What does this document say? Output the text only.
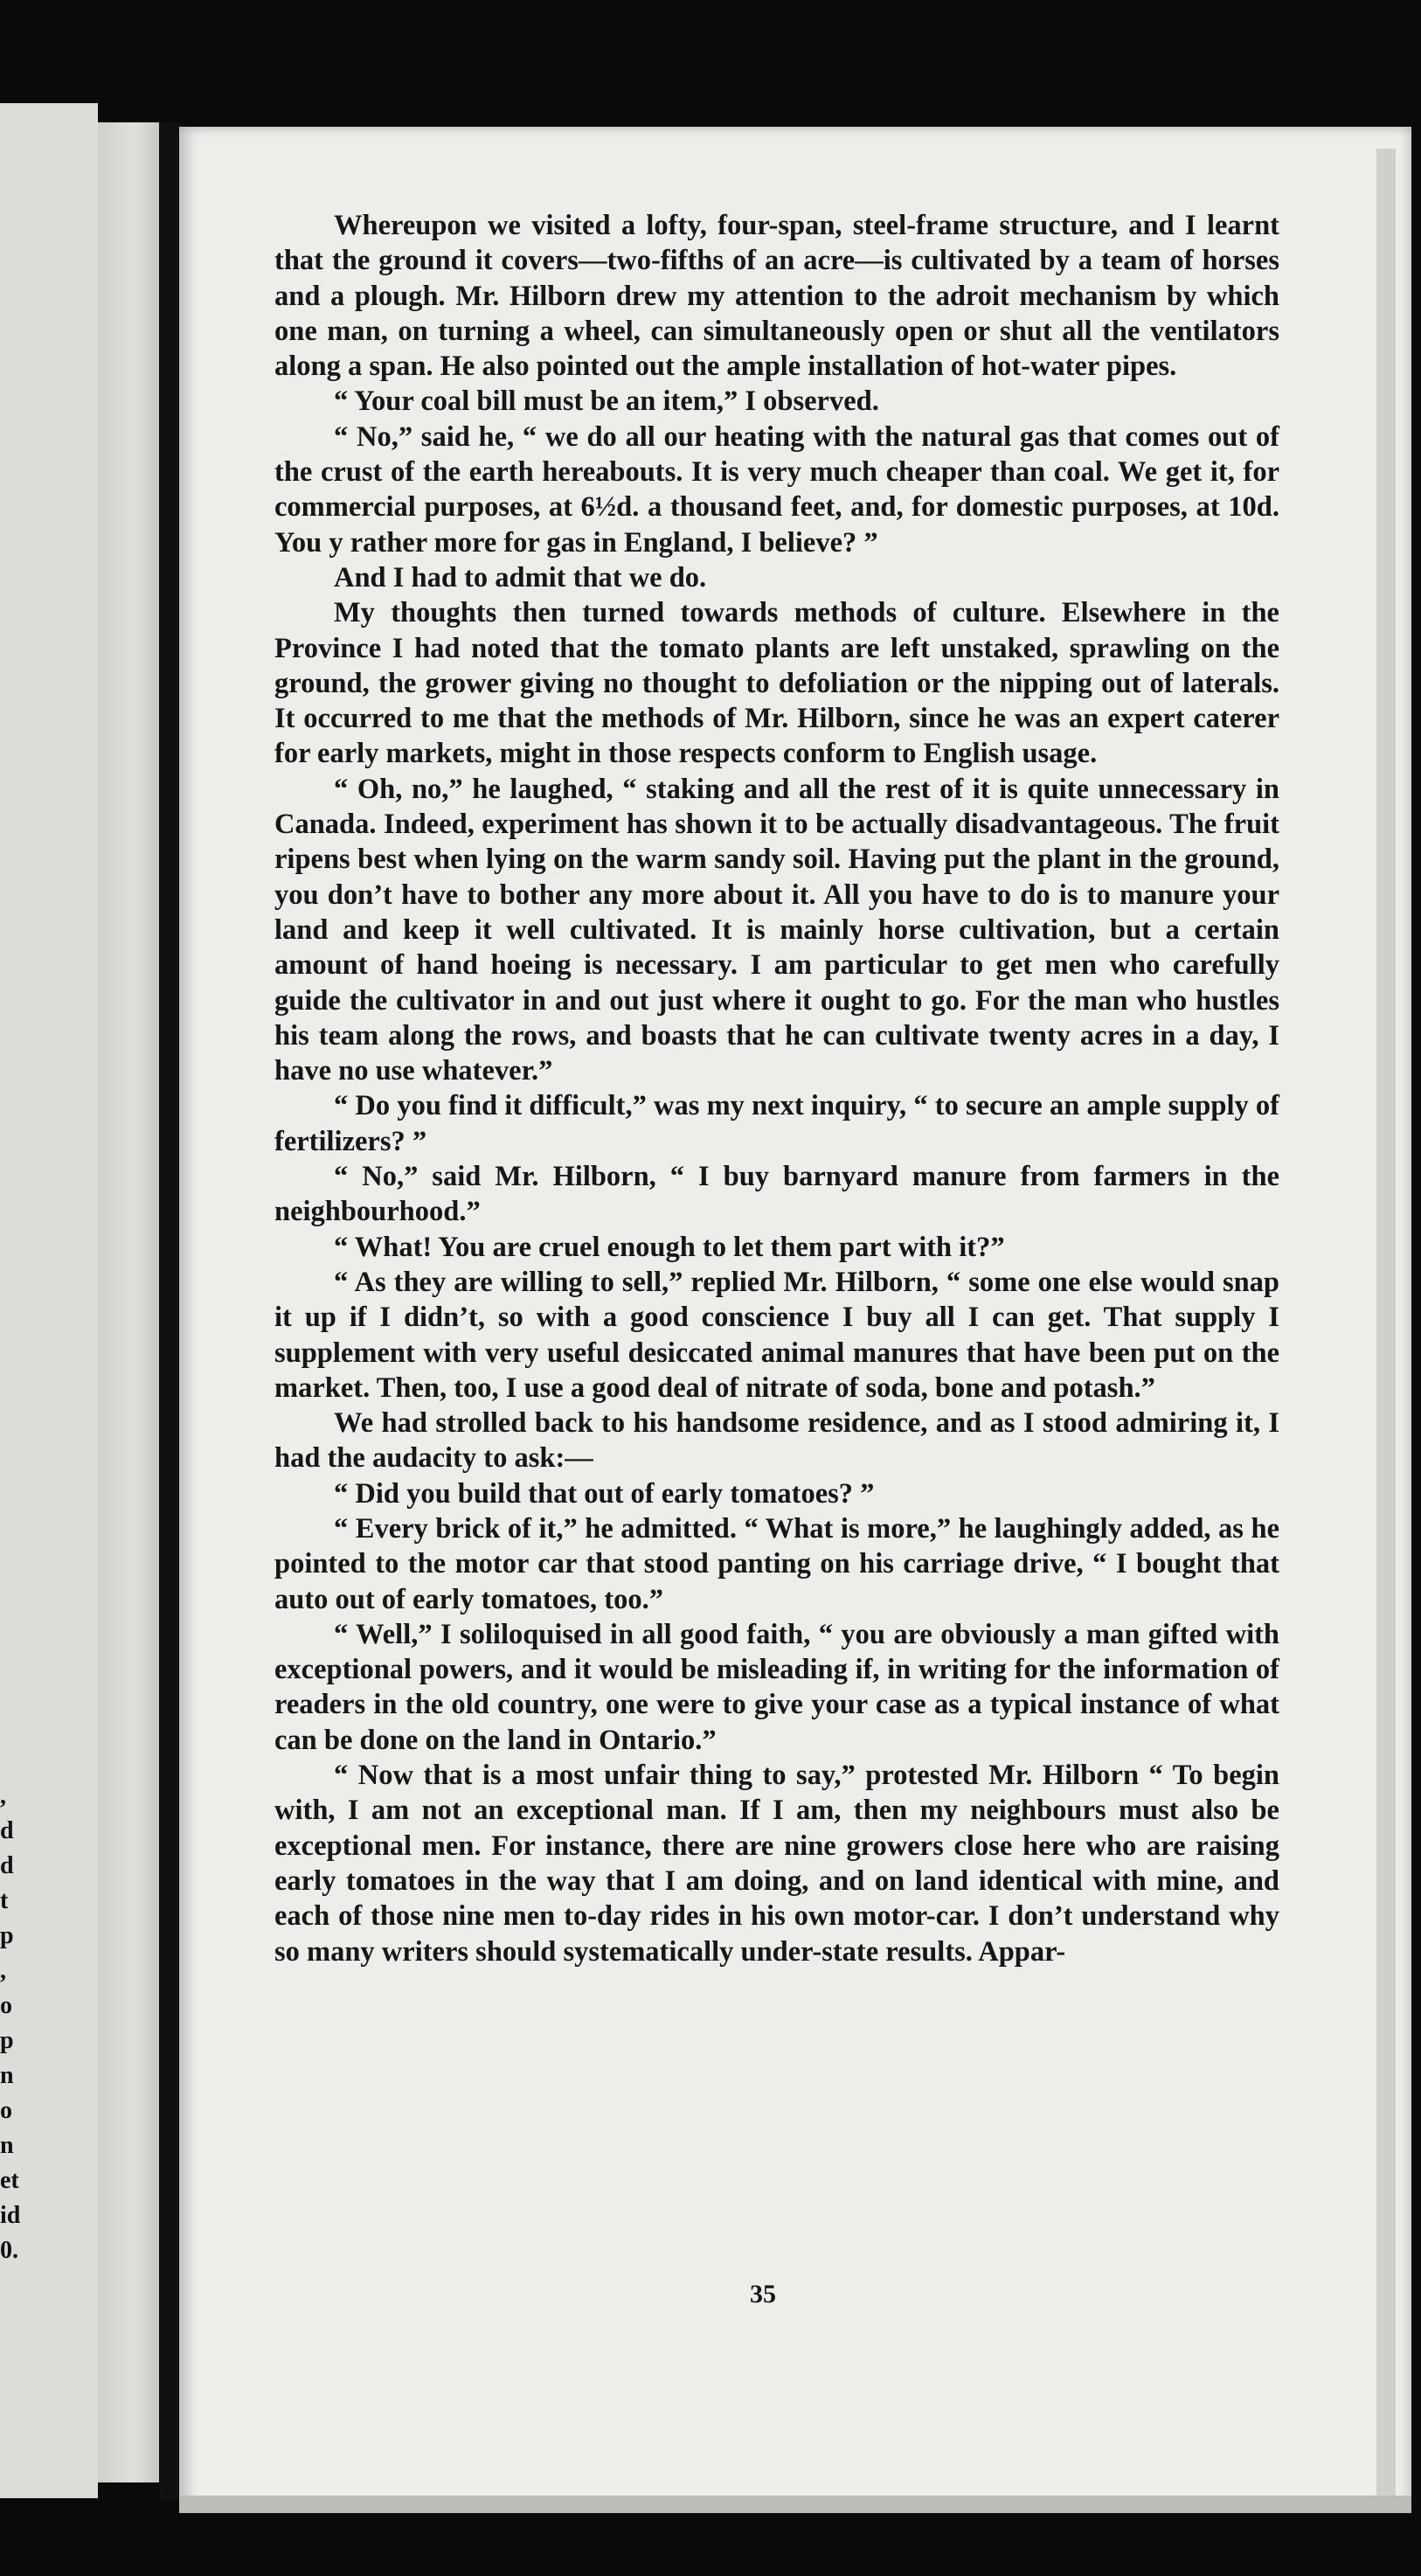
,
d
d
t
p
,
o
p
n
o
n
et
id
0.

Whereupon we visited a lofty, four-span, steel-frame structure, and I learnt that the ground it covers—two-fifths of an acre—is cultivated by a team of horses and a plough. Mr. Hilborn drew my attention to the adroit mechanism by which one man, on turning a wheel, can simultaneously open or shut all the ventilators along a span. He also pointed out the ample installation of hot-water pipes.

“ Your coal bill must be an item,” I observed.

“ No,” said he, “ we do all our heating with the natural gas that comes out of the crust of the earth hereabouts. It is very much cheaper than coal. We get it, for commercial purposes, at 6½d. a thousand feet, and, for domestic purposes, at 10d. You y rather more for gas in England, I believe? ”

And I had to admit that we do.

My thoughts then turned towards methods of culture. Elsewhere in the Province I had noted that the tomato plants are left unstaked, sprawling on the ground, the grower giving no thought to defoliation or the nipping out of laterals. It occurred to me that the methods of Mr. Hilborn, since he was an expert caterer for early markets, might in those respects conform to English usage.

“ Oh, no,” he laughed, “ staking and all the rest of it is quite unnecessary in Canada. Indeed, experiment has shown it to be actually disadvantageous. The fruit ripens best when lying on the warm sandy soil. Having put the plant in the ground, you don’t have to bother any more about it. All you have to do is to manure your land and keep it well cultivated. It is mainly horse cultivation, but a certain amount of hand hoeing is necessary. I am particular to get men who carefully guide the cultivator in and out just where it ought to go. For the man who hustles his team along the rows, and boasts that he can cultivate twenty acres in a day, I have no use whatever.”

“ Do you find it difficult,” was my next inquiry, “ to secure an ample supply of fertilizers? ”

“ No,” said Mr. Hilborn, “ I buy barnyard manure from farmers in the neighbourhood.”

“ What! You are cruel enough to let them part with it?”

“ As they are willing to sell,” replied Mr. Hilborn, “ some one else would snap it up if I didn’t, so with a good conscience I buy all I can get. That supply I supplement with very useful desiccated animal manures that have been put on the market. Then, too, I use a good deal of nitrate of soda, bone and potash.”

We had strolled back to his handsome residence, and as I stood admiring it, I had the audacity to ask:—

“ Did you build that out of early tomatoes? ”

“ Every brick of it,” he admitted. “ What is more,” he laughingly added, as he pointed to the motor car that stood panting on his carriage drive, “ I bought that auto out of early tomatoes, too.”

“ Well,” I soliloquised in all good faith, “ you are obviously a man gifted with exceptional powers, and it would be misleading if, in writing for the information of readers in the old country, one were to give your case as a typical instance of what can be done on the land in Ontario.”

“ Now that is a most unfair thing to say,” protested Mr. Hilborn “ To begin with, I am not an exceptional man. If I am, then my neighbours must also be exceptional men. For instance, there are nine growers close here who are raising early tomatoes in the way that I am doing, and on land identical with mine, and each of those nine men to-day rides in his own motor-car. I don’t understand why so many writers should systematically under-state results. Appar-

35
